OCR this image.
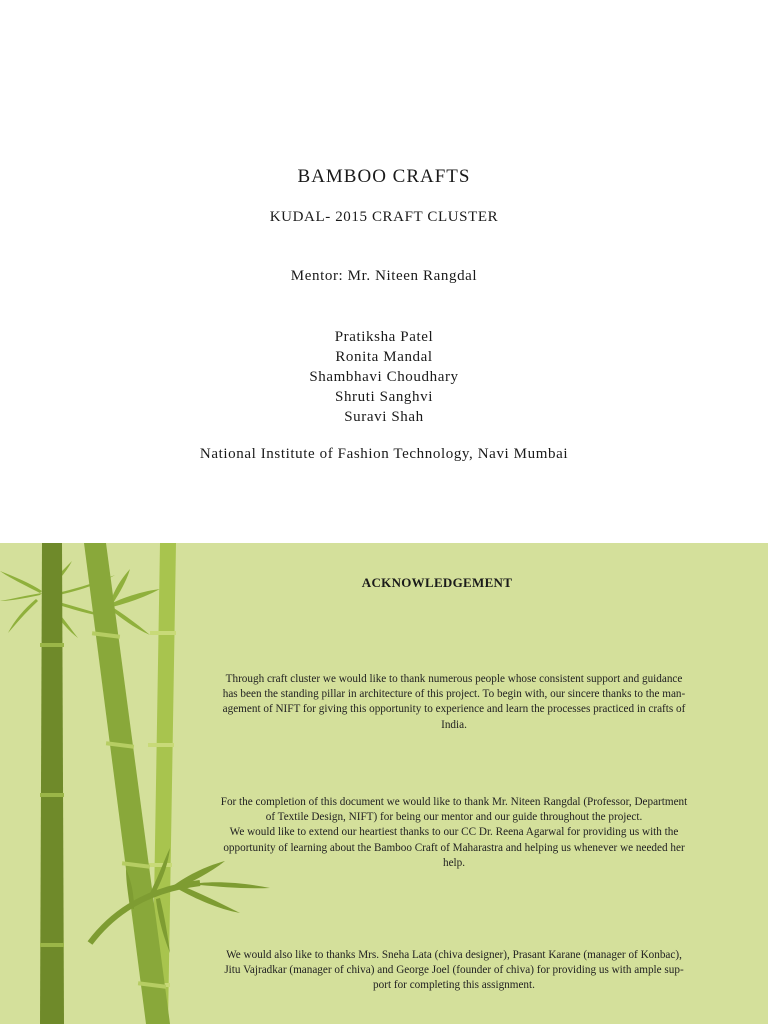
BAMBOO CRAFTS
KUDAL- 2015 CRAFT CLUSTER
Mentor: Mr. Niteen Rangdal
Pratiksha Patel
Ronita Mandal
Shambhavi Choudhary
Shruti Sanghvi
Suravi Shah
National Institute of Fashion Technology, Navi Mumbai
ACKNOWLEDGEMENT
Through craft cluster we would like to thank numerous people whose consistent support and guidance
has been the standing pillar in architecture of this project. To begin with, our sincere thanks to the man-
agement of NIFT for giving this opportunity to experience and learn the processes practiced in crafts of
India.
For the completion of this document we would like to thank Mr. Niteen Rangdal (Professor, Department
of Textile Design, NIFT) for being our mentor and our guide throughout the project.
We would like to extend our heartiest thanks to our CC Dr. Reena Agarwal for providing us with the
opportunity of learning about the Bamboo Craft of Maharastra and helping us whenever we needed her
help.
We would also like to thanks Mrs. Sneha Lata (chiva designer), Prasant Karane (manager of Konbac),
Jitu Vajradkar (manager of chiva) and George Joel (founder of chiva) for providing us with ample sup-
port for completing this assignment.
